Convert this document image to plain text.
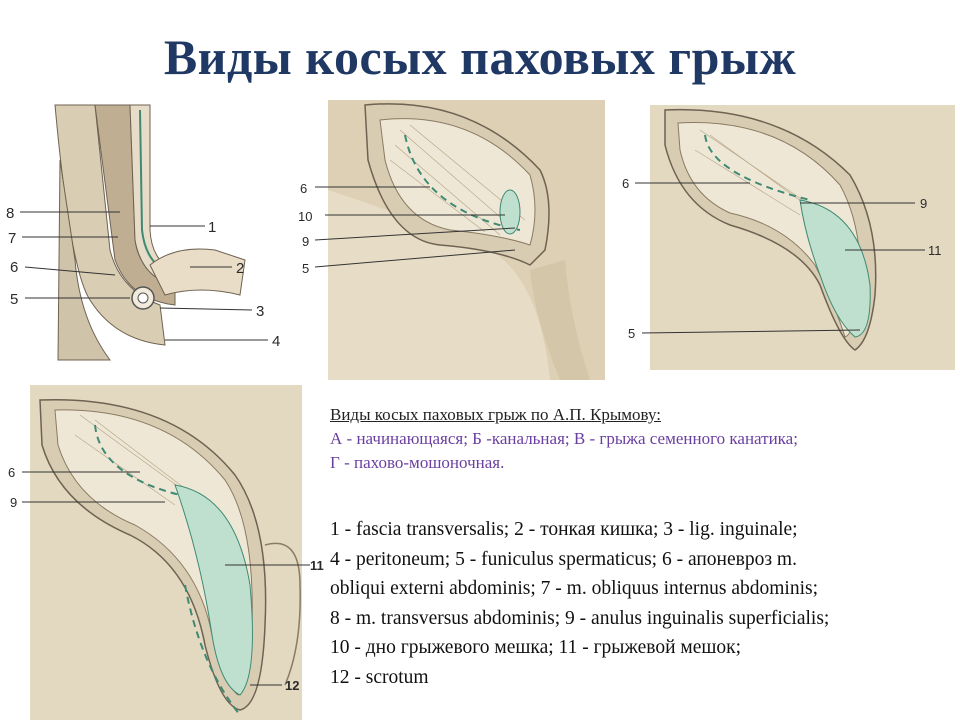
Виды косых паховых грыж
8
7
6
5
1
2
3
4
6
10
9
5
6
9
11
5
6
9
11
12
Виды косых паховых грыж по А.П. Крымову:
А - начинающаяся; Б -канальная; В - грыжа семенного канатика;
Г - пахово-мошоночная.
1 - fascia transversalis; 2 - тонкая кишка; 3 - lig. inguinale;
4 - peritoneum; 5 - funiculus spermaticus; 6 - апоневроз m.
obliqui externi abdominis; 7 - m. obliquus internus abdominis;
8 - m. transversus abdominis; 9 - anulus inguinalis superficialis;
10 - дно грыжевого мешка; 11 - грыжевой мешок;
12 - scrotum
